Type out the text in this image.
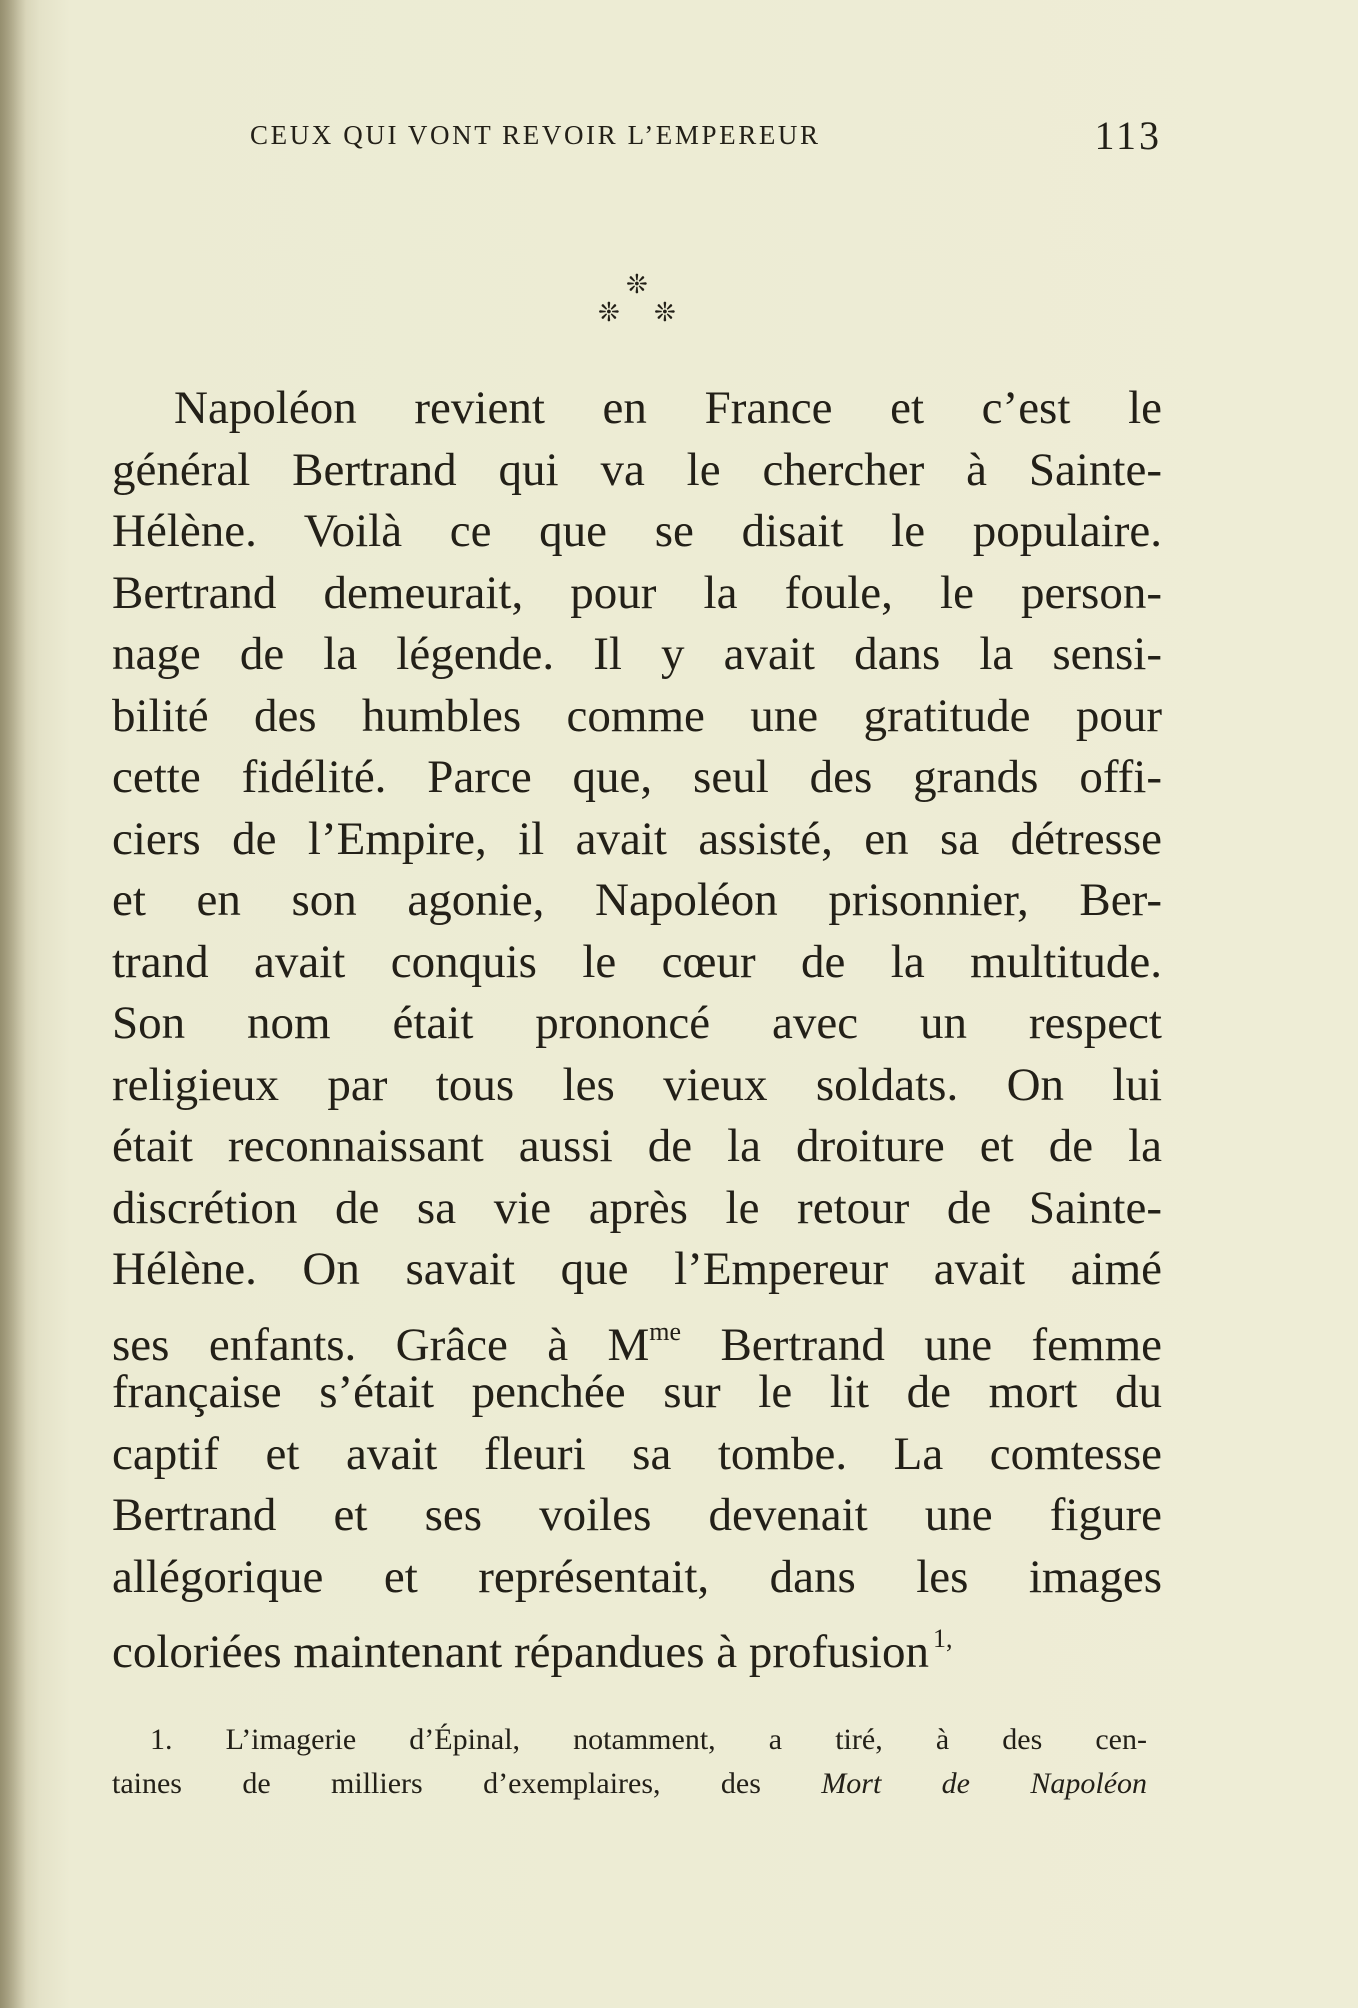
CEUX QUI VONT REVOIR L’EMPEREUR	113
❊
❊ ❊
Napoléon revient en France et c’est le
général Bertrand qui va le chercher à Sainte-
Hélène. Voilà ce que se disait le populaire.
Bertrand demeurait, pour la foule, le person-
nage de la légende. Il y avait dans la sensi-
bilité des humbles comme une gratitude pour
cette fidélité. Parce que, seul des grands offi-
ciers de l’Empire, il avait assisté, en sa détresse
et en son agonie, Napoléon prisonnier, Ber-
trand avait conquis le cœur de la multitude.
Son nom était prononcé avec un respect
religieux par tous les vieux soldats. On lui
était reconnaissant aussi de la droiture et de la
discrétion de sa vie après le retour de Sainte-
Hélène. On savait que l’Empereur avait aimé
ses enfants. Grâce à $M^{me}$ Bertrand une femme
française s’était penchée sur le lit de mort du
captif et avait fleuri sa tombe. La comtesse
Bertrand et ses voiles devenait une figure
allégorique et représentait, dans les images
coloriées maintenant répandues à profusion $^{1,}$
1. L’imagerie d’Épinal, notamment, a tiré, à des cen-
taines de milliers d’exemplaires, des Mort de Napoléon
